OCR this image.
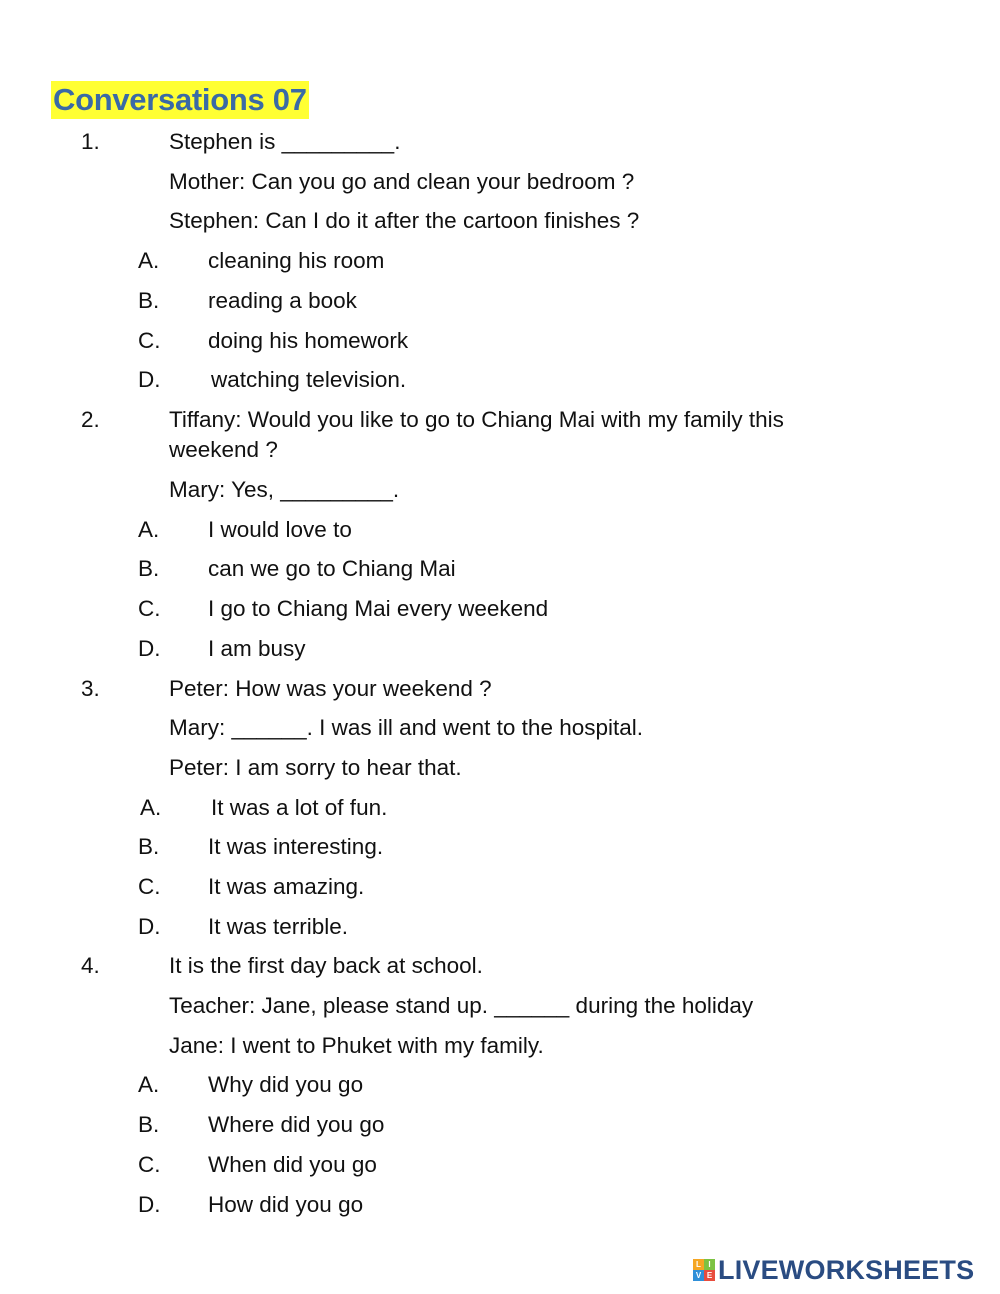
Conversations 07
1.	Stephen is _________.
Mother: Can you go and clean your bedroom ?
Stephen: Can I do it after the cartoon finishes ?
A. cleaning his room
B. reading a book
C. doing his homework
D. watching television.
2.	Tiffany: Would you like to go to Chiang Mai with my family this weekend ?
Mary: Yes, _________.
A. I would love to
B. can we go to Chiang Mai
C. I go to Chiang Mai every weekend
D. I am busy
3.	Peter: How was your weekend ?
Mary: ______. I was ill and went to the hospital.
Peter: I am sorry to hear that.
A. It was a lot of fun.
B. It was interesting.
C. It was amazing.
D. It was terrible.
4.	It is the first day back at school.
Teacher: Jane, please stand up. ______ during the holiday
Jane: I went to Phuket with my family.
A. Why did you go
B. Where did you go
C. When did you go
D. How did you go
L I
V E LIVEWORKSHEETS
